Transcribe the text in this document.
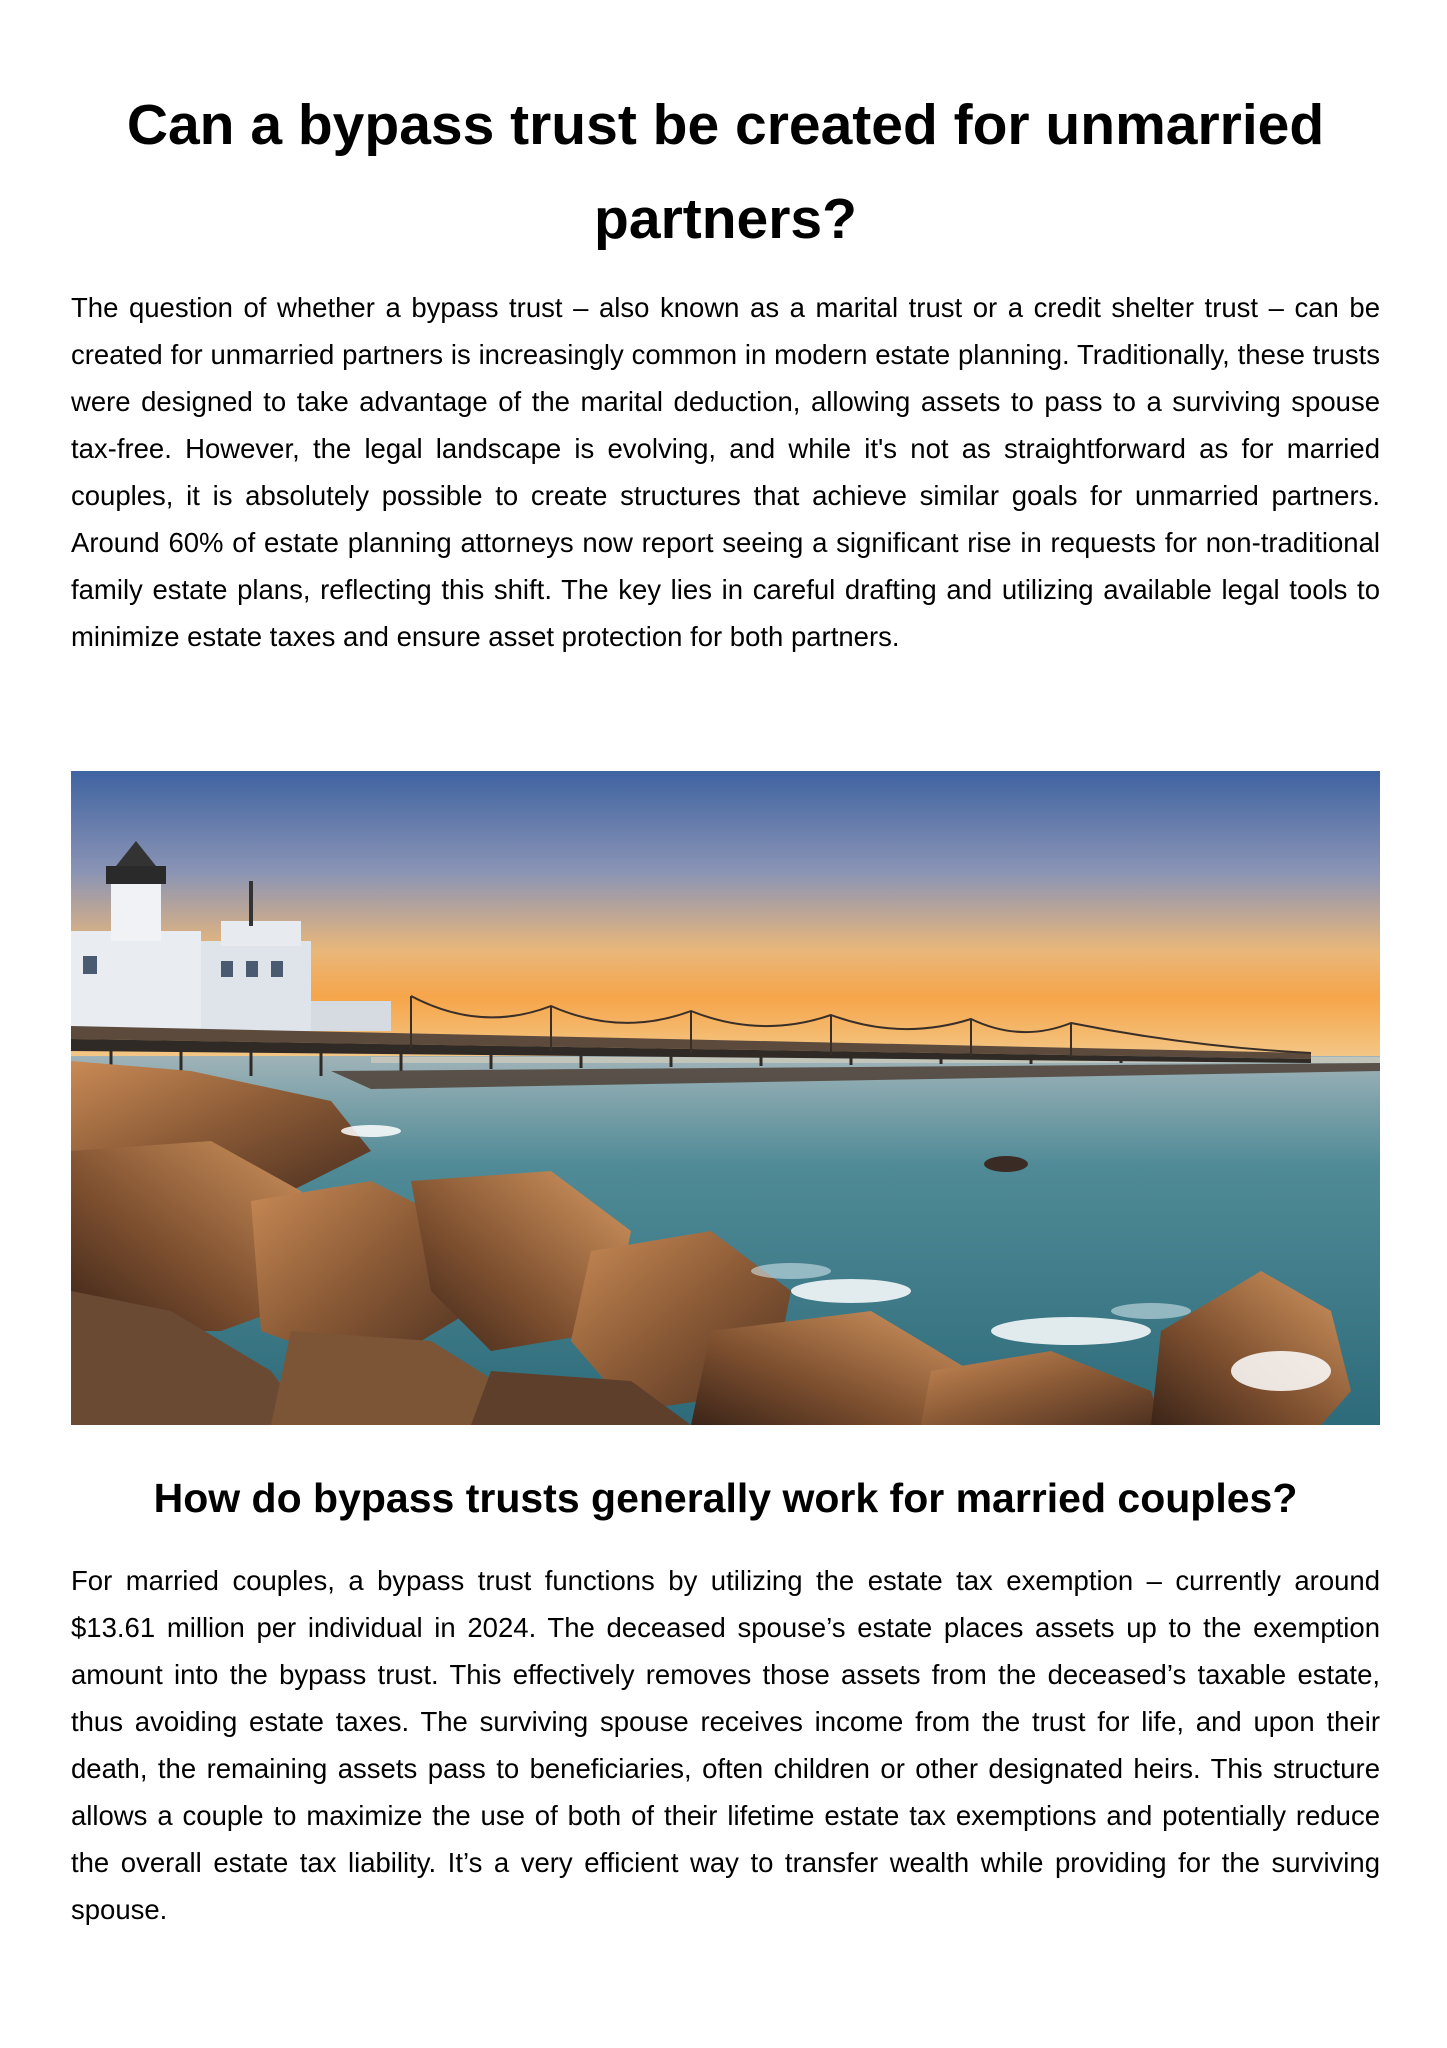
Can a bypass trust be created for unmarried partners?

The question of whether a bypass trust – also known as a marital trust or a credit shelter trust – can be created for unmarried partners is increasingly common in modern estate planning. Traditionally, these trusts were designed to take advantage of the marital deduction, allowing assets to pass to a surviving spouse tax-free. However, the legal landscape is evolving, and while it's not as straightforward as for married couples, it is absolutely possible to create structures that achieve similar goals for unmarried partners. Around 60% of estate planning attorneys now report seeing a significant rise in requests for non-traditional family estate plans, reflecting this shift. The key lies in careful drafting and utilizing available legal tools to minimize estate taxes and ensure asset protection for both partners.

How do bypass trusts generally work for married couples?

For married couples, a bypass trust functions by utilizing the estate tax exemption – currently around $13.61 million per individual in 2024. The deceased spouse’s estate places assets up to the exemption amount into the bypass trust. This effectively removes those assets from the deceased’s taxable estate, thus avoiding estate taxes. The surviving spouse receives income from the trust for life, and upon their death, the remaining assets pass to beneficiaries, often children or other designated heirs. This structure allows a couple to maximize the use of both of their lifetime estate tax exemptions and potentially reduce the overall estate tax liability. It’s a very efficient way to transfer wealth while providing for the surviving spouse.
